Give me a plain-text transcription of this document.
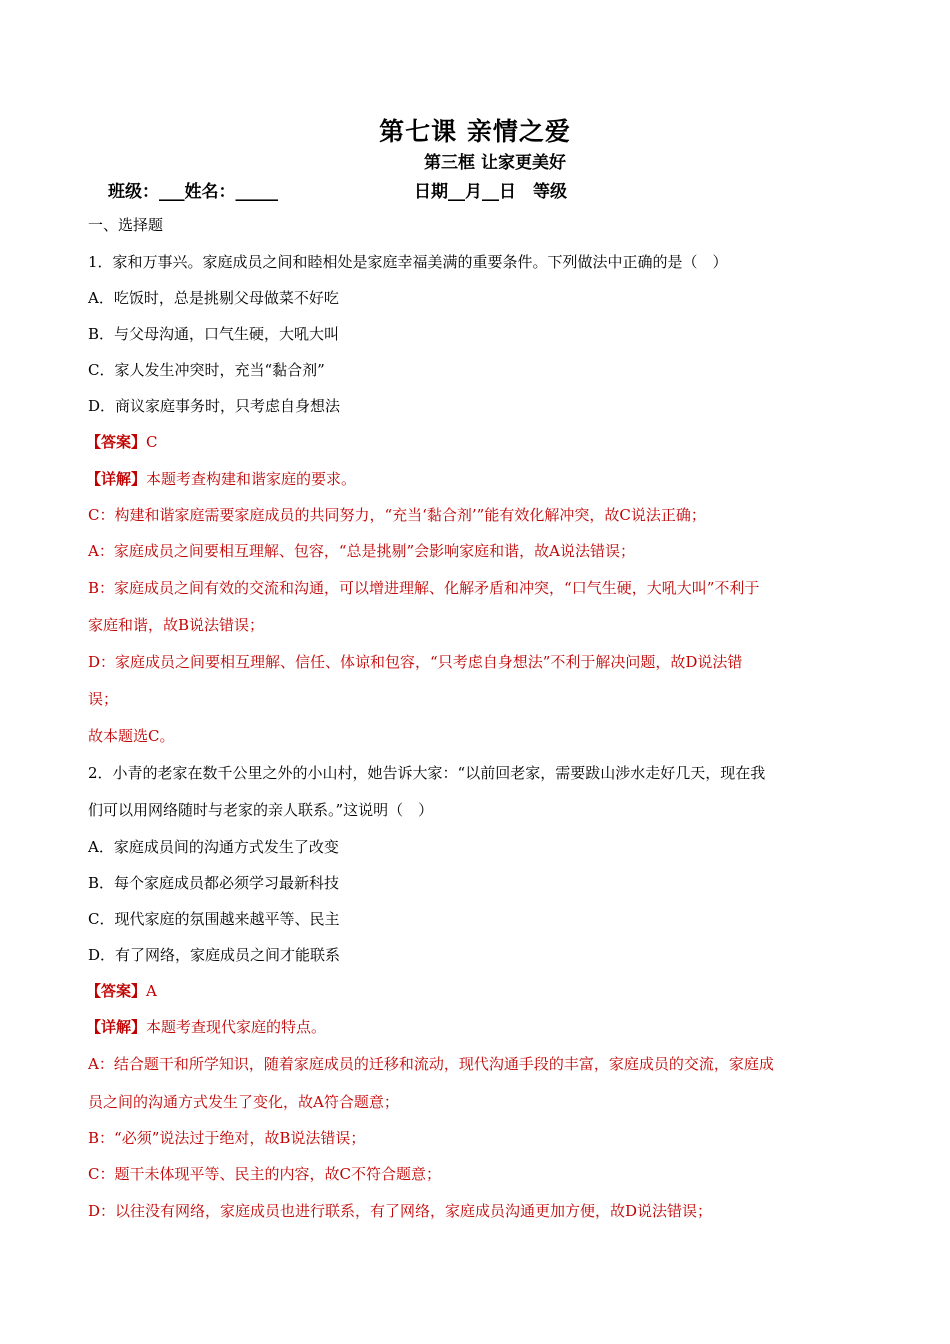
第七课 亲情之爱
第三框 让家更美好
班级：___姓名：_____	日期__月__日　等级
一、选择题
1．家和万事兴。家庭成员之间和睦相处是家庭幸福美满的重要条件。下列做法中正确的是（　）
A．吃饭时，总是挑剔父母做菜不好吃
B．与父母沟通，口气生硬，大吼大叫
C．家人发生冲突时，充当“黏合剂”
D．商议家庭事务时，只考虑自身想法
【答案】C
【详解】本题考查构建和谐家庭的要求。
C：构建和谐家庭需要家庭成员的共同努力，“充当‘黏合剂’”能有效化解冲突，故C说法正确；
A：家庭成员之间要相互理解、包容，“总是挑剔”会影响家庭和谐，故A说法错误；
B：家庭成员之间有效的交流和沟通，可以增进理解、化解矛盾和冲突，“口气生硬，大吼大叫”不利于
家庭和谐，故B说法错误；
D：家庭成员之间要相互理解、信任、体谅和包容，“只考虑自身想法”不利于解决问题，故D说法错
误；
故本题选C。
2．小青的老家在数千公里之外的小山村，她告诉大家：“以前回老家，需要跋山涉水走好几天，现在我
们可以用网络随时与老家的亲人联系。”这说明（　）
A．家庭成员间的沟通方式发生了改变
B．每个家庭成员都必须学习最新科技
C．现代家庭的氛围越来越平等、民主
D．有了网络，家庭成员之间才能联系
【答案】A
【详解】本题考查现代家庭的特点。
A：结合题干和所学知识，随着家庭成员的迁移和流动，现代沟通手段的丰富，家庭成员的交流，家庭成
员之间的沟通方式发生了变化，故A符合题意；
B：“必须”说法过于绝对，故B说法错误；
C：题干未体现平等、民主的内容，故C不符合题意；
D：以往没有网络，家庭成员也进行联系，有了网络，家庭成员沟通更加方便，故D说法错误；
